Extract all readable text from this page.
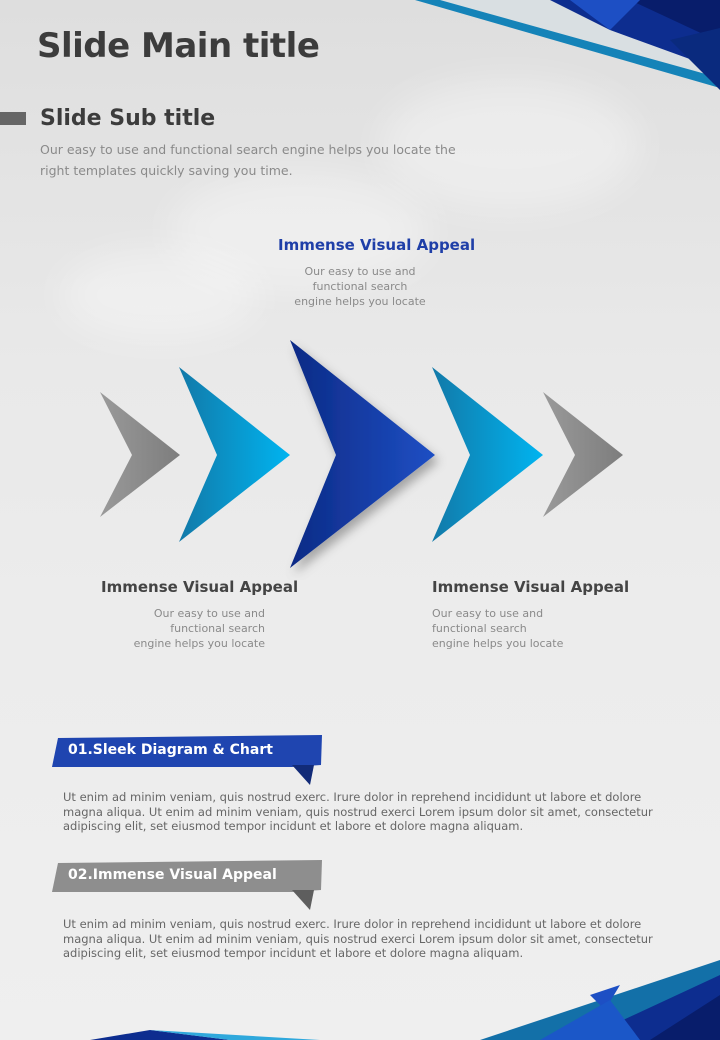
Slide Main title
Slide Sub title

Our easy to use and functional search engine helps you locate the right templates quickly saving you time.

Immense Visual Appeal
Our easy to use and
functional search
engine helps you locate
Immense Visual Appeal
Our easy to use and
functional search
engine helps you locate
Immense Visual Appeal
Our easy to use and
functional search
engine helps you locate
01.Sleek Diagram & Chart

Ut enim ad minim veniam, quis nostrud exerc. Irure dolor in reprehend incididunt ut labore et dolore magna aliqua. Ut enim ad minim veniam, quis nostrud exerci Lorem ipsum dolor sit amet, consectetur adipiscing elit, set eiusmod tempor incidunt et labore et dolore magna aliquam.

02.Immense Visual Appeal

Ut enim ad minim veniam, quis nostrud exerc. Irure dolor in reprehend incididunt ut labore et dolore magna aliqua. Ut enim ad minim veniam, quis nostrud exerci Lorem ipsum dolor sit amet, consectetur adipiscing elit, set eiusmod tempor incidunt et labore et dolore magna aliquam.
